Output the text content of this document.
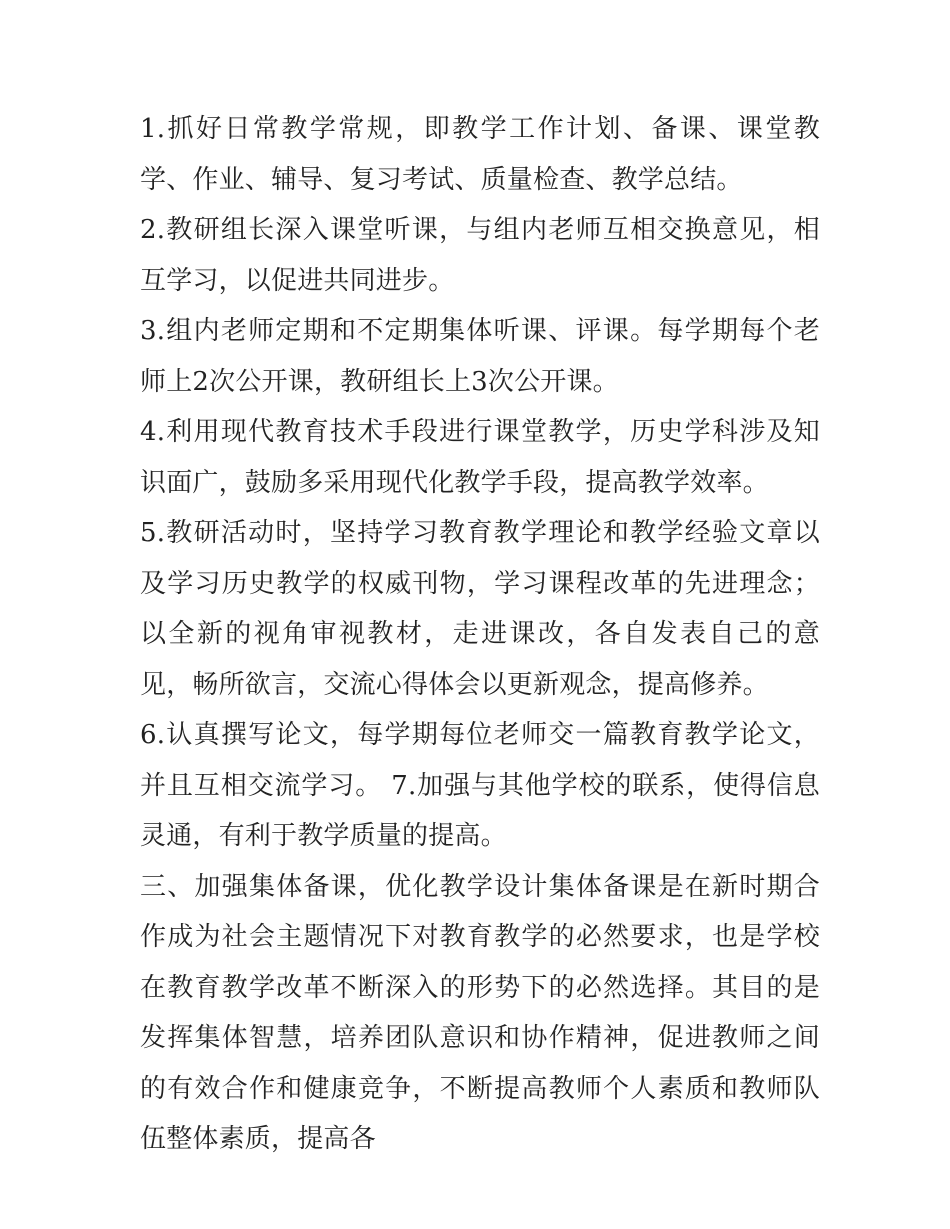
1.抓好日常教学常规，即教学工作计划、备课、课堂教学、作业、辅导、复习考试、质量检查、教学总结。

2.教研组长深入课堂听课，与组内老师互相交换意见，相互学习，以促进共同进步。

3.组内老师定期和不定期集体听课、评课。每学期每个老师上2次公开课，教研组长上3次公开课。

4.利用现代教育技术手段进行课堂教学，历史学科涉及知识面广，鼓励多采用现代化教学手段，提高教学效率。

5.教研活动时，坚持学习教育教学理论和教学经验文章以及学习历史教学的权威刊物，学习课程改革的先进理念；以全新的视角审视教材，走进课改，各自发表自己的意见，畅所欲言，交流心得体会以更新观念，提高修养。

6.认真撰写论文，每学期每位老师交一篇教育教学论文，并且互相交流学习。 7.加强与其他学校的联系，使得信息灵通，有利于教学质量的提高。

三、加强集体备课，优化教学设计集体备课是在新时期合作成为社会主题情况下对教育教学的必然要求，也是学校在教育教学改革不断深入的形势下的必然选择。其目的是发挥集体智慧，培养团队意识和协作精神，促进教师之间的有效合作和健康竞争，不断提高教师个人素质和教师队伍整体素质，提高各
